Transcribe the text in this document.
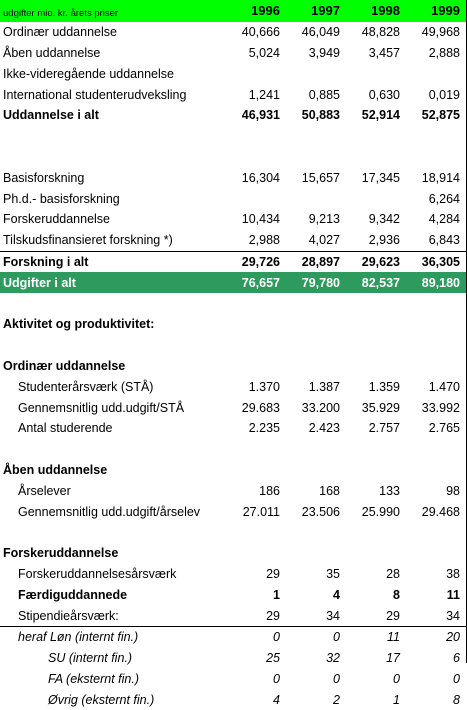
udgifter mio. kr. årets priser	1996	1997	1998	1999
Ordinær uddannelse	40,666	46,049	48,828	49,968
Åben uddannelse	5,024	3,949	3,457	2,888
Ikke-videregående uddannelse				
International studenterudveksling	1,241	0,885	0,630	0,019
Uddannelse i alt	46,931	50,883	52,914	52,875

Basisforskning	16,304	15,657	17,345	18,914
Ph.d.- basisforskning				6,264
Forskeruddannelse	10,434	9,213	9,342	4,284
Tilskudsfinansieret forskning *)	2,988	4,027	2,936	6,843
Forskning i alt	29,726	28,897	29,623	36,305
Udgifter i alt	76,657	79,780	82,537	89,180

Aktivitet og produktivitet:				

Ordinær uddannelse				
Studenterårsværk (STÅ)	1.370	1.387	1.359	1.470
Gennemsnitlig udd.udgift/STÅ	29.683	33.200	35.929	33.992
Antal studerende	2.235	2.423	2.757	2.765

Åben uddannelse				
Årselever	186	168	133	98
Gennemsnitlig udd.udgift/årselev	27.011	23.506	25.990	29.468

Forskeruddannelse				
Forskeruddannelsesårsværk	29	35	28	38
Færdiguddannede	1	4	8	11
Stipendieårsværk:	29	34	29	34
heraf Løn (internt fin.)	0	0	11	20
SU (internt fin.)	25	32	17	6
FA (eksternt fin.)	0	0	0	0
Øvrig (eksternt fin.)	4	2	1	8
